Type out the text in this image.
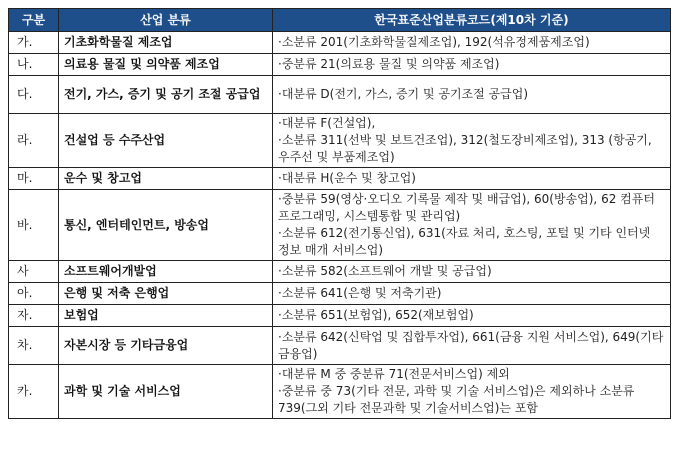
구분	산업 분류	한국표준산업분류코드(제10차 기준)
가.	기초화학물질 제조업	·소분류 201(기초화학물질제조업), 192(석유정제품제조업)

나.	의료용 물질 및 의약품 제조업	·중분류 21(의료용 물질 및 의약품 제조업)

다.	전기, 가스, 증기 및 공기 조절 공급업	·대분류 D(전기, 가스, 증기 및 공기조절 공급업)

라.	건설업 등 수주산업	·대분류 F(건설업),
·소분류 311(선박 및 보트건조업), 312(철도장비제조업), 313 (항공기, 우주선 및 부품제조업)

마.	운수 및 창고업	·대분류 H(운수 및 창고업)

바.	통신, 엔터테인먼트, 방송업	·중분류 59(영상·오디오 기록물 제작 및 배급업), 60(방송업), 62 컴퓨터프로그래밍, 시스템통합 및 관리업)
·소분류 612(전기통신업), 631(자료 처리, 호스팅, 포털 및 기타 인터넷 정보 매개 서비스업)

사	소프트웨어개발업	·소분류 582(소프트웨어 개발 및 공급업)

아.	은행 및 저축 은행업	·소분류 641(은행 및 저축기관)

자.	보험업	·소분류 651(보험업), 652(재보험업)

차.	자본시장 등 기타금융업	·소분류 642(신탁업 및 집합투자업), 661(금융 지원 서비스업), 649(기타금융업)

카.	과학 및 기술 서비스업	·대분류 M 중 중분류 71(전문서비스업) 제외
·중분류 중 73(기타 전문, 과학 및 기술 서비스업)은 제외하나 소분류 739(그외 기타 전문과학 및 기술서비스업)는 포함
